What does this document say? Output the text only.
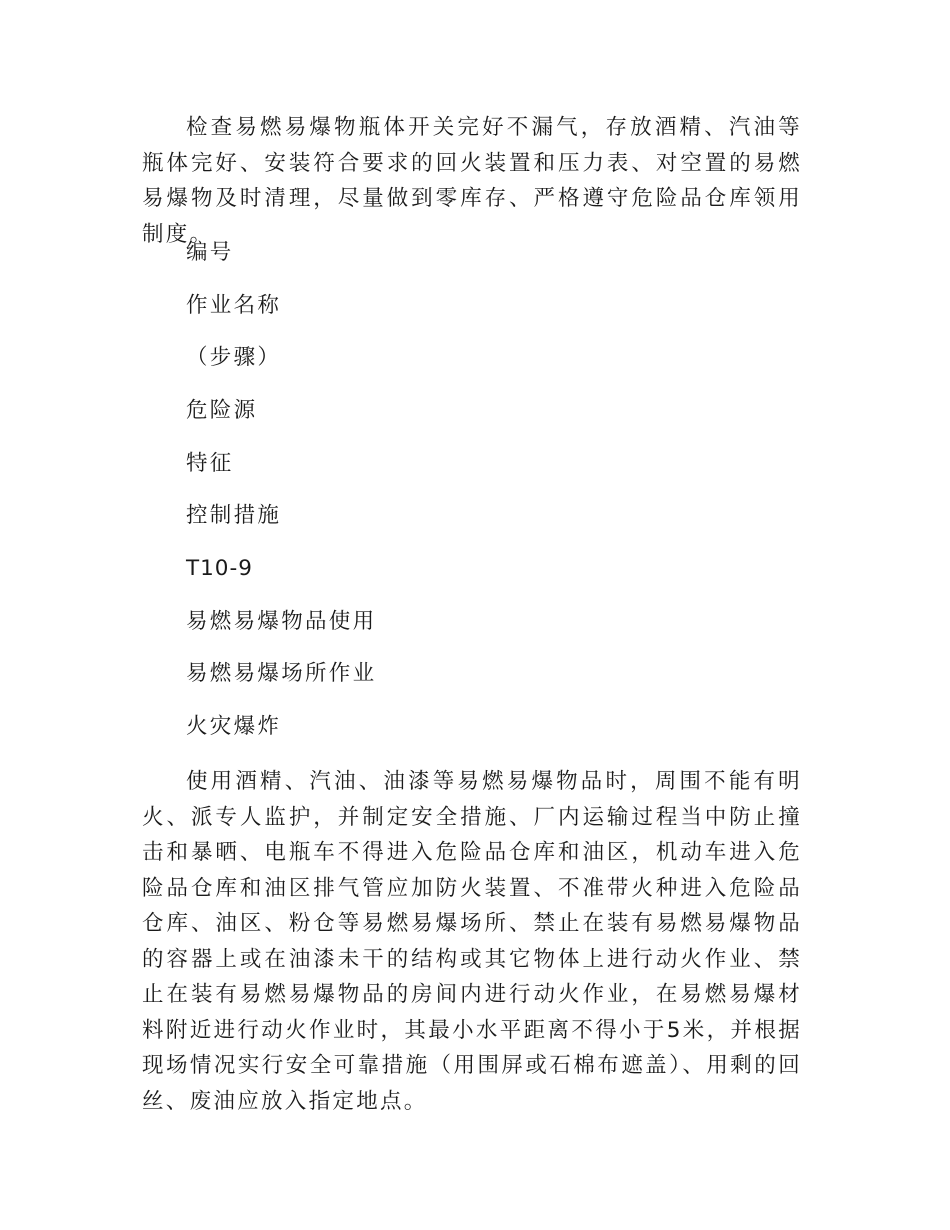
检查易燃易爆物瓶体开关完好不漏气，存放酒精、汽油等瓶体完好、安装符合要求的回火装置和压力表、对空置的易燃易爆物及时清理，尽量做到零库存、严格遵守危险品仓库领用制度。

编号

作业名称

（步骤）

危险源

特征

控制措施

T10-9

易燃易爆物品使用

易燃易爆场所作业

火灾爆炸

使用酒精、汽油、油漆等易燃易爆物品时，周围不能有明火、派专人监护，并制定安全措施、厂内运输过程当中防止撞击和暴晒、电瓶车不得进入危险品仓库和油区，机动车进入危险品仓库和油区排气管应加防火装置、不准带火种进入危险品仓库、油区、粉仓等易燃易爆场所、禁止在装有易燃易爆物品的容器上或在油漆未干的结构或其它物体上进行动火作业、禁止在装有易燃易爆物品的房间内进行动火作业，在易燃易爆材料附近进行动火作业时，其最小水平距离不得小于5米，并根据现场情况实行安全可靠措施（用围屏或石棉布遮盖）、用剩的回丝、废油应放入指定地点。
